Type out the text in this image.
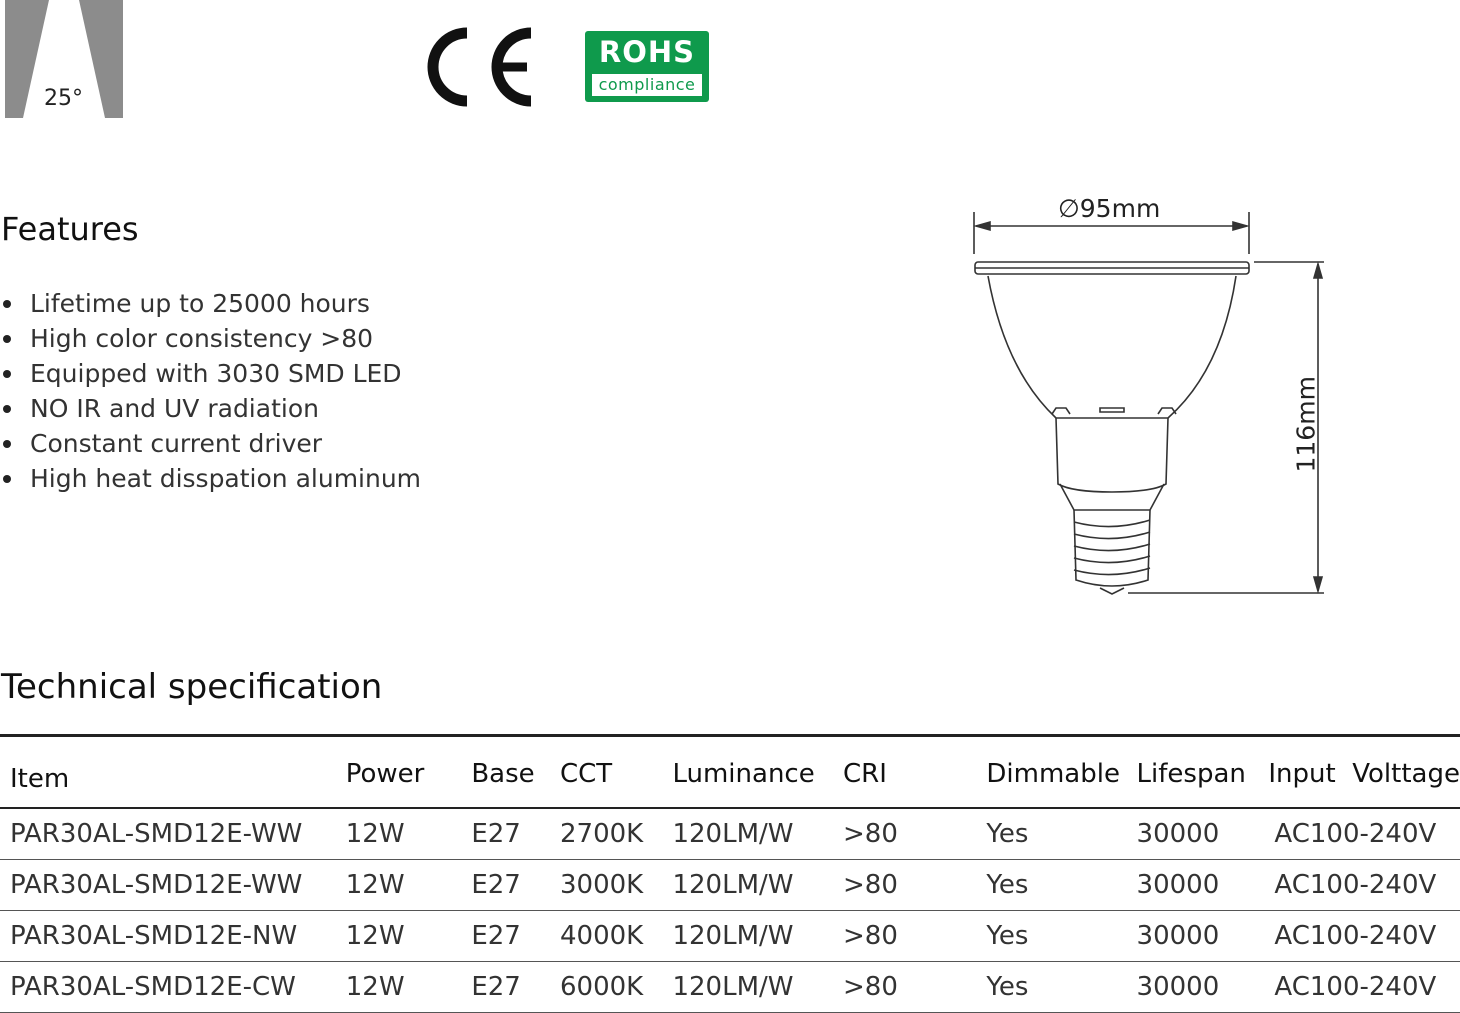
25°
ROHS
compliance
Features
Lifetime up to 25000 hours
High color consistency >80
Equipped with 3030 SMD LED
NO IR and UV radiation
Constant current driver
High heat disspation aluminum
∅95mm
116mm
Technical specification
Item	Power	Base	CCT	Luminance	CRI	Dimmable	Lifespan	Input  Volttage
PAR30AL-SMD12E-WW	12W	E27	2700K	120LM/W	>80	Yes	30000	AC100-240V
PAR30AL-SMD12E-WW	12W	E27	3000K	120LM/W	>80	Yes	30000	AC100-240V
PAR30AL-SMD12E-NW	12W	E27	4000K	120LM/W	>80	Yes	30000	AC100-240V
PAR30AL-SMD12E-CW	12W	E27	6000K	120LM/W	>80	Yes	30000	AC100-240V
